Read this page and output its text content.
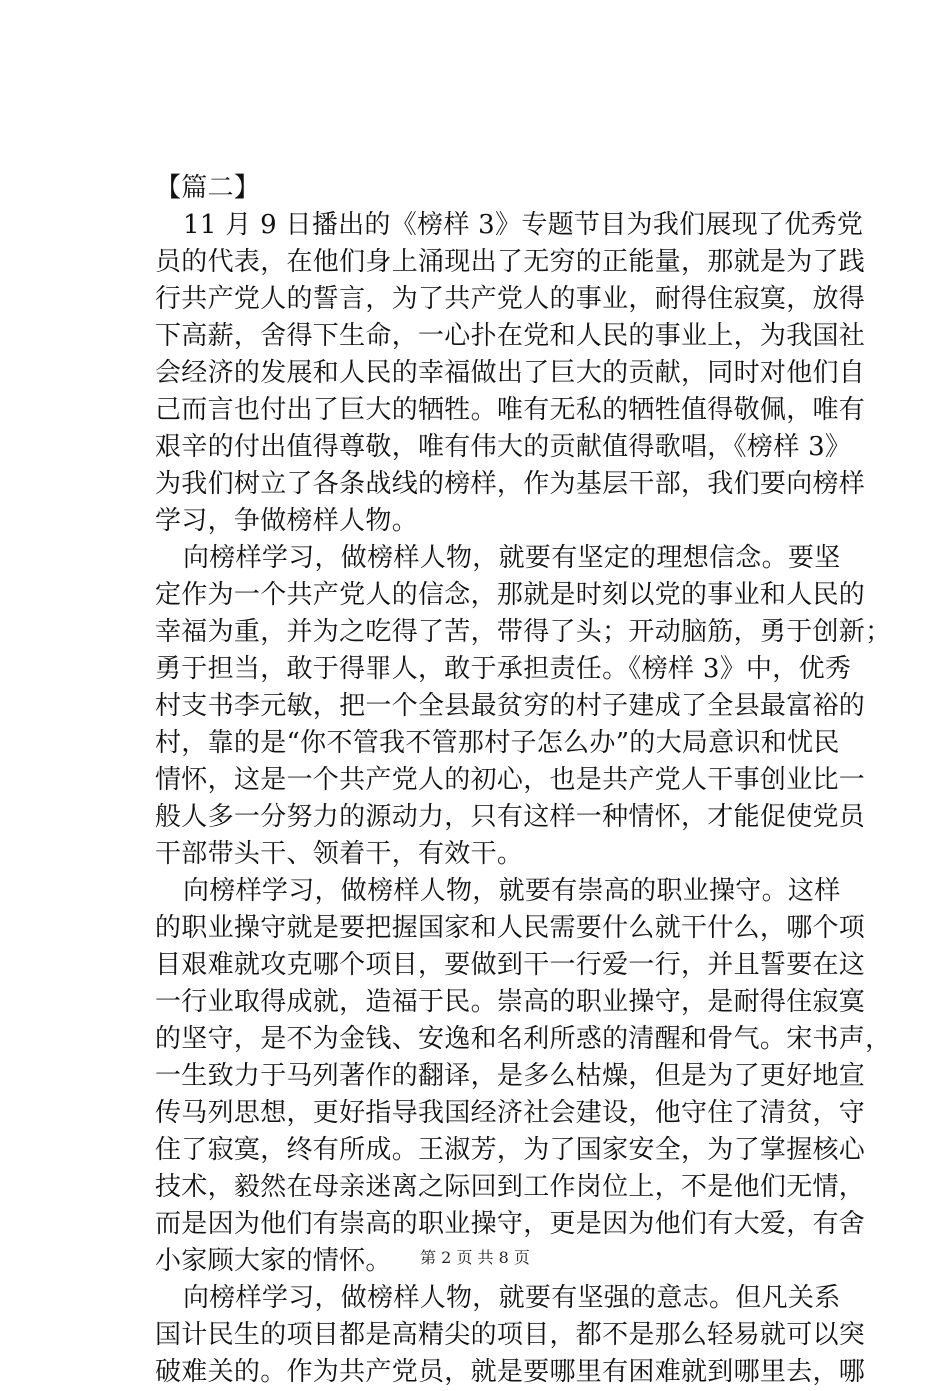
【篇二】
11 月 9 日播出的《榜样 3》专题节目为我们展现了优秀党
员的代表，在他们身上涌现出了无穷的正能量，那就是为了践
行共产党人的誓言，为了共产党人的事业，耐得住寂寞，放得
下高薪，舍得下生命，一心扑在党和人民的事业上，为我国社
会经济的发展和人民的幸福做出了巨大的贡献，同时对他们自
己而言也付出了巨大的牺牲。唯有无私的牺牲值得敬佩，唯有
艰辛的付出值得尊敬，唯有伟大的贡献值得歌唱，《榜样 3》
为我们树立了各条战线的榜样，作为基层干部，我们要向榜样
学习，争做榜样人物。
向榜样学习，做榜样人物，就要有坚定的理想信念。要坚
定作为一个共产党人的信念，那就是时刻以党的事业和人民的
幸福为重，并为之吃得了苦，带得了头；开动脑筋，勇于创新；
勇于担当，敢于得罪人，敢于承担责任。《榜样 3》中，优秀
村支书李元敏，把一个全县最贫穷的村子建成了全县最富裕的
村，靠的是“你不管我不管那村子怎么办”的大局意识和忧民
情怀，这是一个共产党人的初心，也是共产党人干事创业比一
般人多一分努力的源动力，只有这样一种情怀，才能促使党员
干部带头干、领着干，有效干。
向榜样学习，做榜样人物，就要有崇高的职业操守。这样
的职业操守就是要把握国家和人民需要什么就干什么，哪个项
目艰难就攻克哪个项目，要做到干一行爱一行，并且誓要在这
一行业取得成就，造福于民。崇高的职业操守，是耐得住寂寞
的坚守，是不为金钱、安逸和名利所惑的清醒和骨气。宋书声，
一生致力于马列著作的翻译，是多么枯燥，但是为了更好地宣
传马列思想，更好指导我国经济社会建设，他守住了清贫，守
住了寂寞，终有所成。王淑芳，为了国家安全，为了掌握核心
技术，毅然在母亲迷离之际回到工作岗位上，不是他们无情，
而是因为他们有崇高的职业操守，更是因为他们有大爱，有舍
小家顾大家的情怀。
向榜样学习，做榜样人物，就要有坚强的意志。但凡关系
国计民生的项目都是高精尖的项目，都不是那么轻易就可以突
破难关的。作为共产党员，就是要哪里有困难就到哪里去，哪
第 2 页 共 8 页
